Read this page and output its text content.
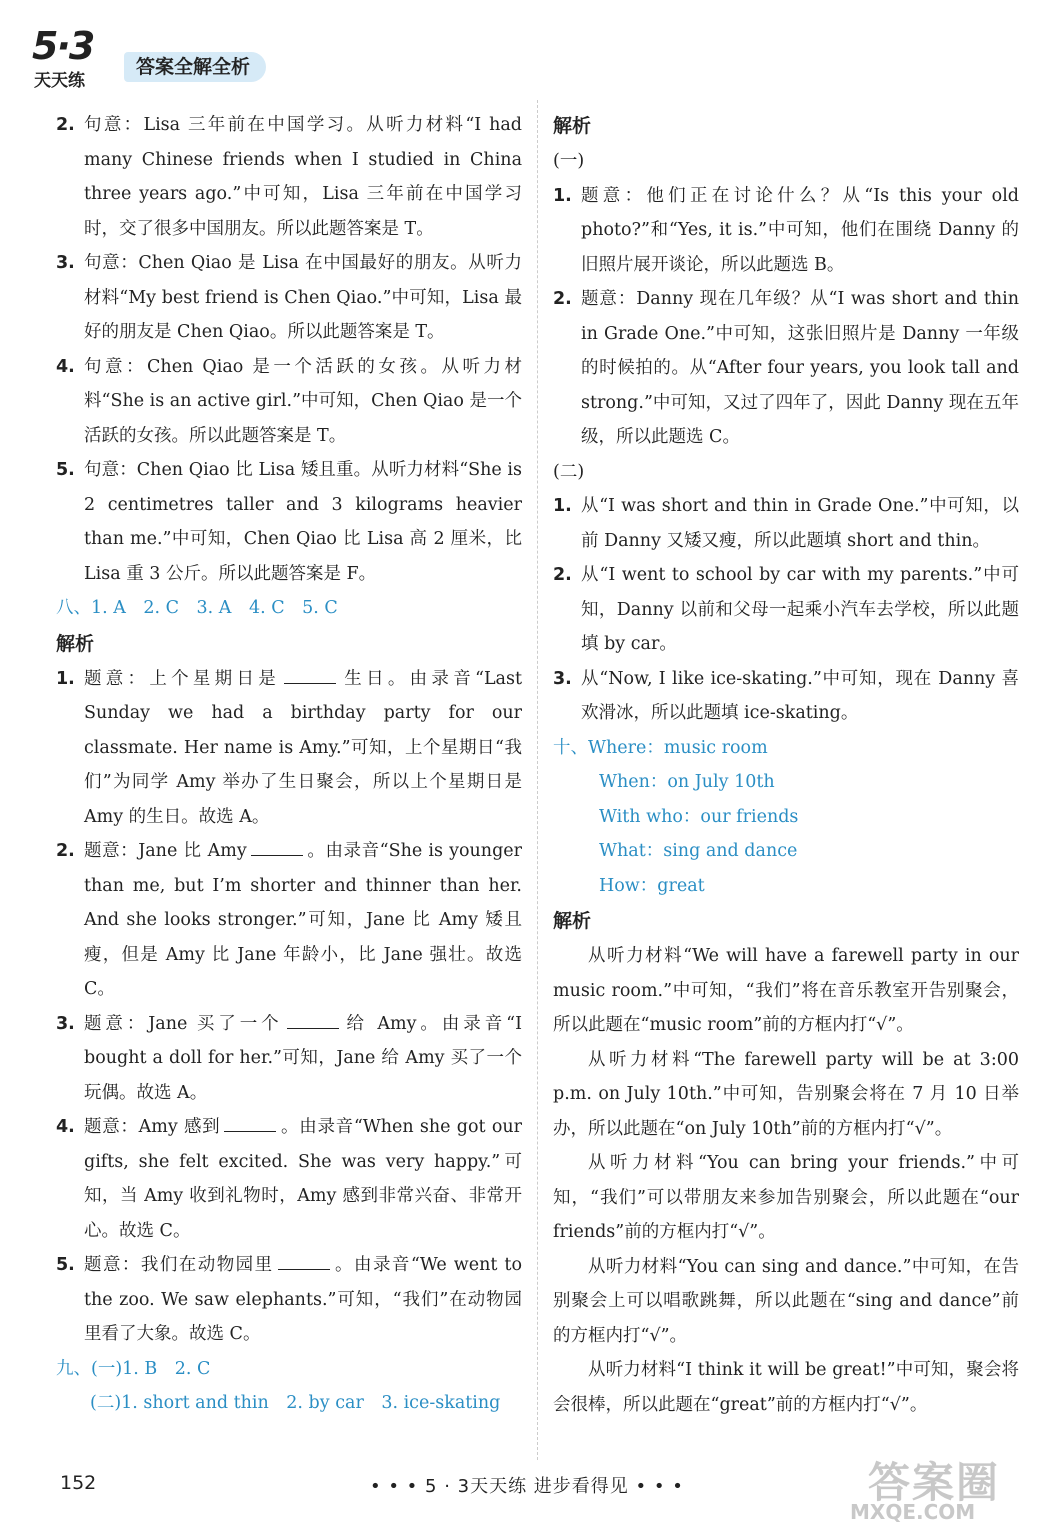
5·3
天天练
答案全解全析
2. 句意：Lisa 三年前在中国学习。从听力材料“I had many Chinese friends when I studied in China three years ago.”中可知，Lisa 三年前在中国学习时，交了很多中国朋友。所以此题答案是 T。
3. 句意：Chen Qiao 是 Lisa 在中国最好的朋友。从听力材料“My best friend is Chen Qiao.”中可知，Lisa 最好的朋友是 Chen Qiao。所以此题答案是 T。
4. 句意：Chen Qiao 是一个活跃的女孩。从听力材料“She is an active girl.”中可知，Chen Qiao 是一个活跃的女孩。所以此题答案是 T。
5. 句意：Chen Qiao 比 Lisa 矮且重。从听力材料“She is 2 centimetres taller and 3 kilograms heavier than me.”中可知，Chen Qiao 比 Lisa 高 2 厘米，比 Lisa 重 3 公斤。所以此题答案是 F。
八、1. A　2. C　3. A　4. C　5. C
解析
1. 题意：上个星期日是	生日。由录音“Last Sunday we had a birthday party for our classmate. Her name is Amy.”可知，上个星期日“我们”为同学 Amy 举办了生日聚会，所以上个星期日是 Amy 的生日。故选 A。
2. 题意：Jane 比 Amy	。由录音“She is younger than me, but I’m shorter and thinner than her. And she looks stronger.”可知，Jane 比 Amy 矮且瘦，但是 Amy 比 Jane 年龄小，比 Jane 强壮。故选 C。
3. 题意：Jane 买了一个	给 Amy。由录音“I bought a doll for her.”可知，Jane 给 Amy 买了一个玩偶。故选 A。
4. 题意：Amy 感到	。由录音“When she got our gifts, she felt excited. She was very happy.”可知，当 Amy 收到礼物时，Amy 感到非常兴奋、非常开心。故选 C。
5. 题意：我们在动物园里	。由录音“We went to the zoo. We saw elephants.”可知，“我们”在动物园里看了大象。故选 C。
九、(一)1. B　2. C
(二)1. short and thin　2. by car　3. ice-skating
解析
(一)
1. 题意：他们正在讨论什么？从“Is this your old photo?”和“Yes, it is.”中可知，他们在围绕 Danny 的旧照片展开谈论，所以此题选 B。
2. 题意：Danny 现在几年级？从“I was short and thin in Grade One.”中可知，这张旧照片是 Danny 一年级的时候拍的。从“After four years, you look tall and strong.”中可知，又过了四年了，因此 Danny 现在五年级，所以此题选 C。
(二)
1. 从“I was short and thin in Grade One.”中可知，以前 Danny 又矮又瘦，所以此题填 short and thin。
2. 从“I went to school by car with my parents.”中可知，Danny 以前和父母一起乘小汽车去学校，所以此题填 by car。
3. 从“Now, I like ice-skating.”中可知，现在 Danny 喜欢滑冰，所以此题填 ice-skating。
十、Where：music room
When：on July 10th
With who：our friends
What：sing and dance
How：great
解析
从听力材料“We will have a farewell party in our music room.”中可知，“我们”将在音乐教室开告别聚会，所以此题在“music room”前的方框内打“√”。
从听力材料“The farewell party will be at 3:00 p.m. on July 10th.”中可知，告别聚会将在 7 月 10 日举办，所以此题在“on July 10th”前的方框内打“√”。
从听力材料“You can bring your friends.”中可知，“我们”可以带朋友来参加告别聚会，所以此题在“our friends”前的方框内打“√”。
从听力材料“You can sing and dance.”中可知，在告别聚会上可以唱歌跳舞，所以此题在“sing and dance”前的方框内打“√”。
从听力材料“I think it will be great!”中可知，聚会将会很棒，所以此题在“great”前的方框内打“√”。
152	• • • 5 · 3天天练 进步看得见 • • •	答案圈
MXQE.COM
